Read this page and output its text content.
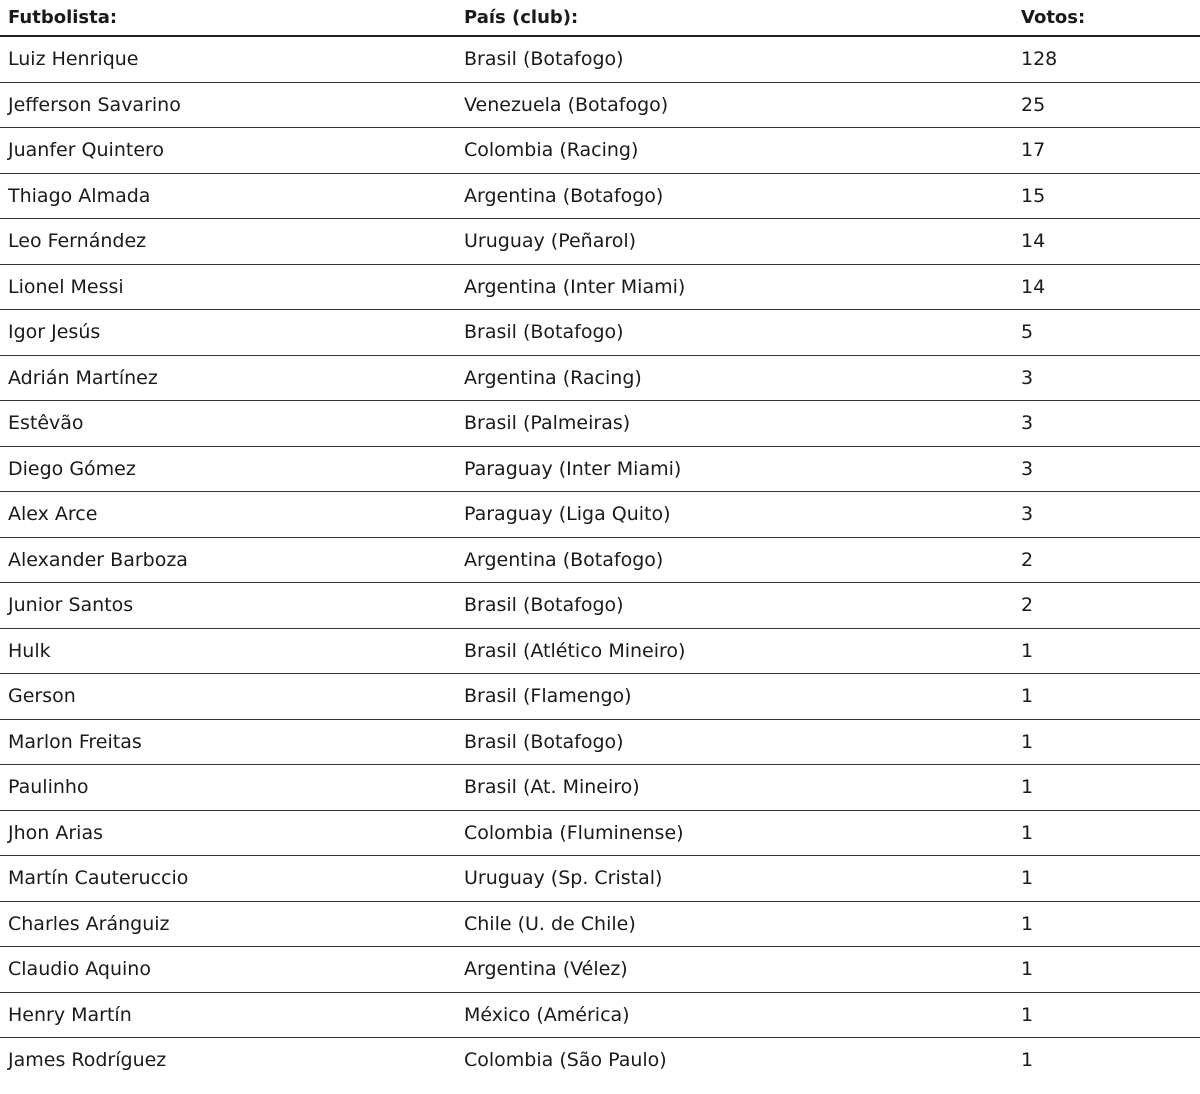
Futbolista:	País (club):	Votos:
Luiz Henrique	Brasil (Botafogo)	128
Jefferson Savarino	Venezuela (Botafogo)	25
Juanfer Quintero	Colombia (Racing)	17
Thiago Almada	Argentina (Botafogo)	15
Leo Fernández	Uruguay (Peñarol)	14
Lionel Messi	Argentina (Inter Miami)	14
Igor Jesús	Brasil (Botafogo)	5
Adrián Martínez	Argentina (Racing)	3
Estêvão	Brasil (Palmeiras)	3
Diego Gómez	Paraguay (Inter Miami)	3
Alex Arce	Paraguay (Liga Quito)	3
Alexander Barboza	Argentina (Botafogo)	2
Junior Santos	Brasil (Botafogo)	2
Hulk	Brasil (Atlético Mineiro)	1
Gerson	Brasil (Flamengo)	1
Marlon Freitas	Brasil (Botafogo)	1
Paulinho	Brasil (At. Mineiro)	1
Jhon Arias	Colombia (Fluminense)	1
Martín Cauteruccio	Uruguay (Sp. Cristal)	1
Charles Aránguiz	Chile (U. de Chile)	1
Claudio Aquino	Argentina (Vélez)	1
Henry Martín	México (América)	1
James Rodríguez	Colombia (São Paulo)	1
